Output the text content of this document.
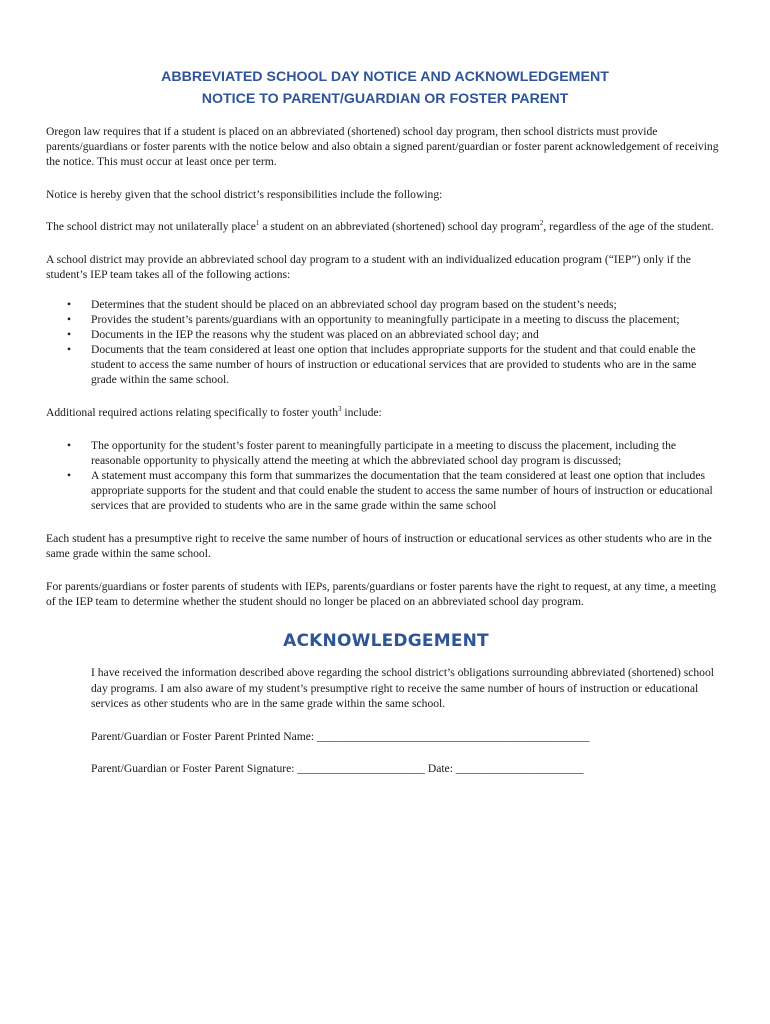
ABBREVIATED SCHOOL DAY NOTICE AND ACKNOWLEDGEMENT
NOTICE TO PARENT/GUARDIAN OR FOSTER PARENT

Oregon law requires that if a student is placed on an abbreviated (shortened) school day program, then school districts must provide parents/guardians or foster parents with the notice below and also obtain a signed parent/guardian or foster parent acknowledgement of receiving the notice. This must occur at least once per term.

Notice is hereby given that the school district’s responsibilities include the following:

The school district may not unilaterally place$^1$ a student on an abbreviated (shortened) school day program$^2$, regardless of the age of the student.

A school district may provide an abbreviated school day program to a student with an individualized education program (“IEP”) only if the student’s IEP team takes all of the following actions:

• Determines that the student should be placed on an abbreviated school day program based on the student’s needs;
• Provides the student’s parents/guardians with an opportunity to meaningfully participate in a meeting to discuss the placement;
• Documents in the IEP the reasons why the student was placed on an abbreviated school day; and
• Documents that the team considered at least one option that includes appropriate supports for the student and that could enable the student to access the same number of hours of instruction or educational services that are provided to students who are in the same grade within the same school.

Additional required actions relating specifically to foster youth$^3$ include:

• The opportunity for the student’s foster parent to meaningfully participate in a meeting to discuss the placement, including the reasonable opportunity to physically attend the meeting at which the abbreviated school day program is discussed;
• A statement must accompany this form that summarizes the documentation that the team considered at least one option that includes appropriate supports for the student and that could enable the student to access the same number of hours of instruction or educational services that are provided to students who are in the same grade within the same school

Each student has a presumptive right to receive the same number of hours of instruction or educational services as other students who are in the same grade within the same school.

For parents/guardians or foster parents of students with IEPs, parents/guardians or foster parents have the right to request, at any time, a meeting of the IEP team to determine whether the student should no longer be placed on an abbreviated school day program.

ACKNOWLEDGEMENT

I have received the information described above regarding the school district’s obligations surrounding abbreviated (shortened) school day programs. I am also aware of my student’s presumptive right to receive the same number of hours of instruction or educational services as other students who are in the same grade within the same school.

Parent/Guardian or Foster Parent Printed Name: _______________________________________________
Parent/Guardian or Foster Parent Signature: ______________________ Date: ______________________
